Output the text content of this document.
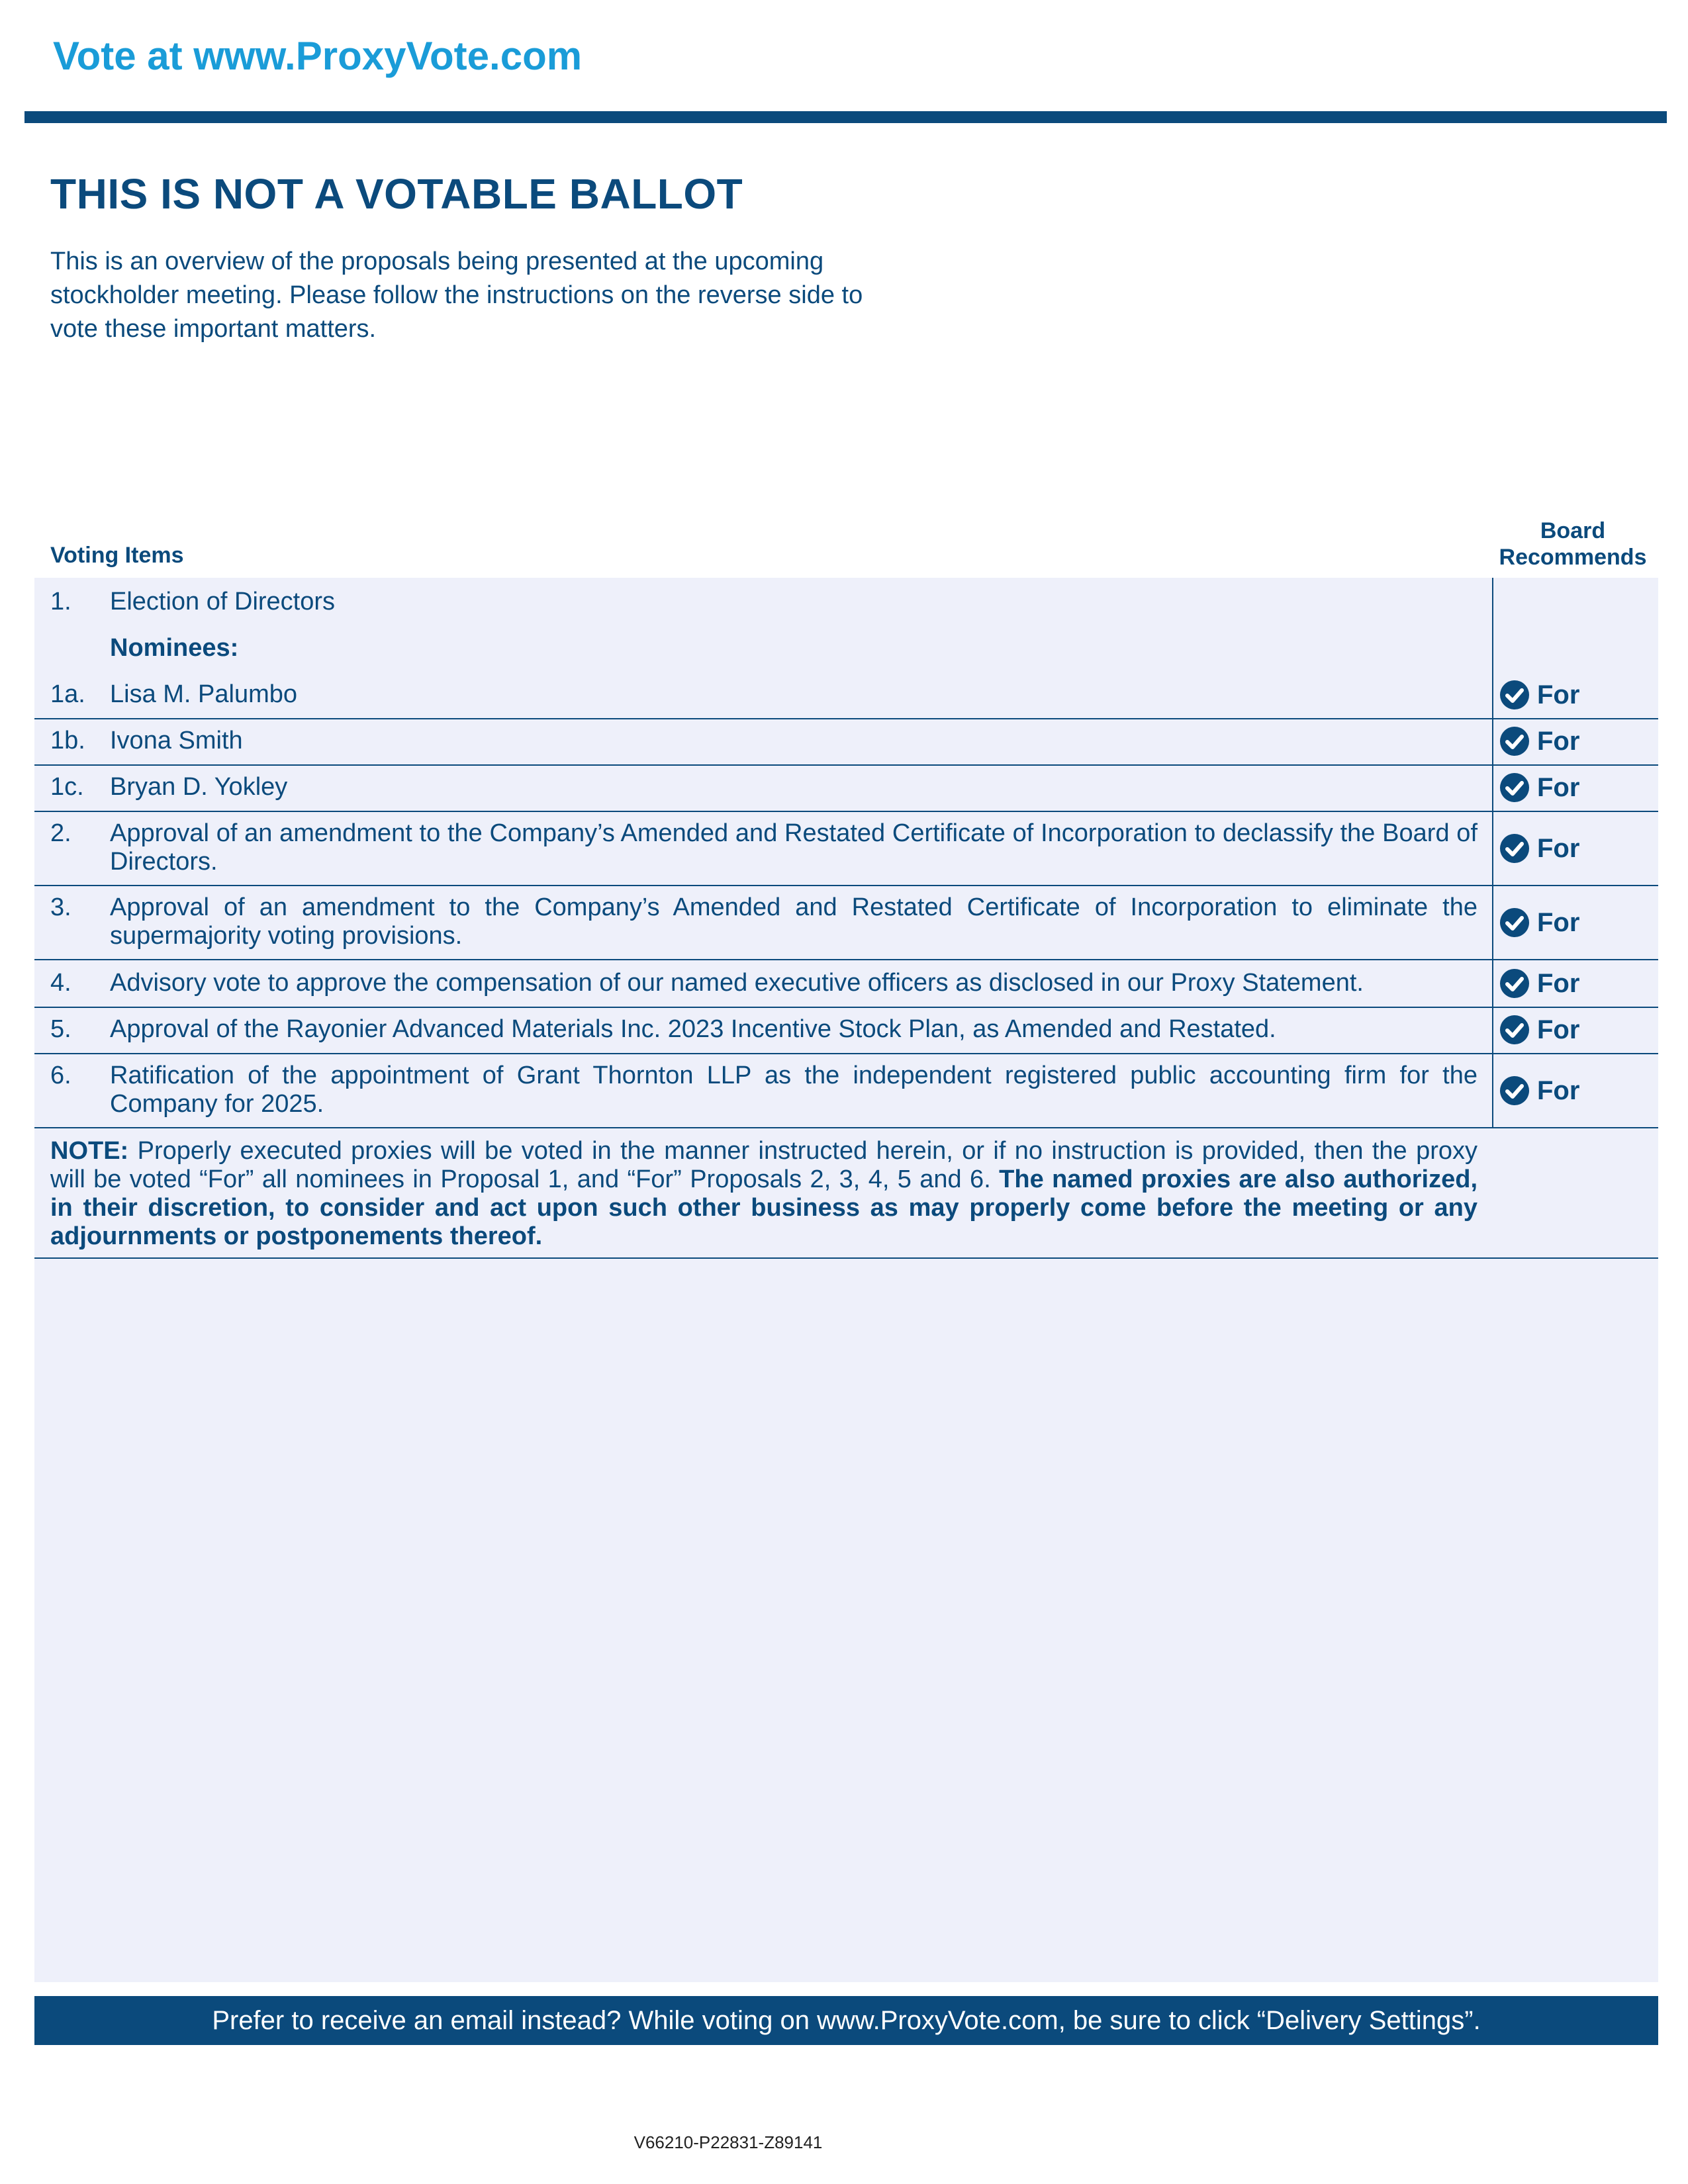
Vote at www.ProxyVote.com
THIS IS NOT A VOTABLE BALLOT
This is an overview of the proposals being presented at the upcoming stockholder meeting. Please follow the instructions on the reverse side to vote these important matters.
Voting Items
Board
Recommends
1. Election of Directors
Nominees:
1a. Lisa M. Palumbo	For
1b. Ivona Smith	For
1c. Bryan D. Yokley	For
2. Approval of an amendment to the Company’s Amended and Restated Certificate of Incorporation to declassify the Board of Directors.	For
3. Approval of an amendment to the Company’s Amended and Restated Certificate of Incorporation to eliminate the supermajority voting provisions.	For
4. Advisory vote to approve the compensation of our named executive officers as disclosed in our Proxy Statement.	For
5. Approval of the Rayonier Advanced Materials Inc. 2023 Incentive Stock Plan, as Amended and Restated.	For
6. Ratification of the appointment of Grant Thornton LLP as the independent registered public accounting firm for the Company for 2025.	For
NOTE: Properly executed proxies will be voted in the manner instructed herein, or if no instruction is provided, then the proxy will be voted “For” all nominees in Proposal 1, and “For” Proposals 2, 3, 4, 5 and 6. The named proxies are also authorized, in their discretion, to consider and act upon such other business as may properly come before the meeting or any adjournments or postponements thereof.
Prefer to receive an email instead? While voting on www.ProxyVote.com, be sure to click “Delivery Settings”.
V66210-P22831-Z89141
